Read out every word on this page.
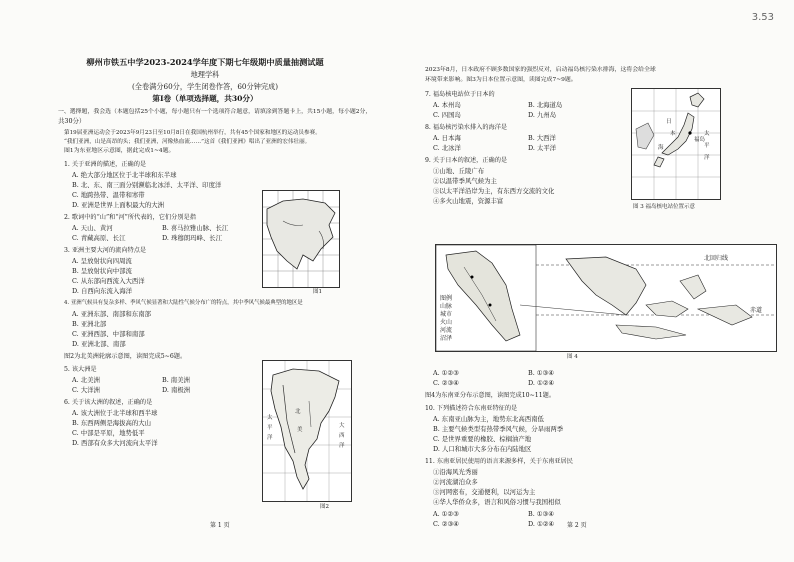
柳州市铁五中学2023-2024学年度下期七年级期中质量抽测试题
地理学科
(全卷满分60分，学生闭卷作答，60分钟完成)
第Ⅰ卷（单项选择题，共30分）
一、選擇題，我会选（本题包括25个小题，每小题只有一个选项符合题意，请填涂到答题卡上，共15小题，每小题2分，
共30分）
第19届亚洲运动会于2023年9月23日至10月8日在我国杭州举行，共有45个国家和地区的运动员参赛。
“我们亚洲，山是高昂的头；我们亚洲，河像热血流……”这首《我们亚洲》唱出了亚洲的宏伟壮丽。
图1为东亚地区示意图，据此完成1~4题。
1. 关于亚洲的描述，正确的是
A. 绝大部分地区位于北半球和东半球
B. 北、东、南三面分别濒临北冰洋、太平洋、印度洋
C. 地跨热带、温带和寒带
D. 亚洲是世界上面积最大的大洲
2. 歌词中的“山”和“河”所代表的，它们分别是指
A. 天山、黄河	B. 喜马拉雅山脉、长江
C. 青藏高原、长江	D. 珠穆朗玛峰、长江
3. 亚洲主要大河的流向特点是
A. 呈放射状向四周流
B. 呈放射状向中部流
C. 从东部向西流入大西洋
D. 自西向东流入海洋
4. 亚洲气候具有复杂多样、季风气候显著和大陆性气候分布广的特点，其中季风气候最典型的地区是
A. 亚洲东部、南部和东南部
B. 亚洲北部
C. 亚洲西部、中部和南部
D. 亚洲北部、南部
图2为北美洲轮廓示意图，读图完成5~6题。
5. 该大洲是
A. 北美洲	B. 南美洲
C. 大洋洲	D. 南极洲
6. 关于该大洲的叙述，正确的是
A. 该大洲位于北半球和西半球
B. 东西两侧是海拔高的大山
C. 中部是平原，地势低平
D. 西部有众多大河流向太平洋
图1
太
平
洋
大
西
洋
北
美
图2
第 1 页
3.53
2023年8月，日本政府不顾多数国家的强烈反对，启动福岛核污染水排海，这将会给全球
环境带来影响。图3为日本位置示意图，读图完成7~9题。
7. 福岛核电站位于日本的
A. 本州岛	B. 北海道岛
C. 四国岛	D. 九州岛
8. 福岛核污染水排入的海洋是
A. 日本海	B. 大西洋
C. 北冰洋	D. 太平洋
9. 关于日本的叙述，正确的是
①山地、丘陵广布
②以温带季风气候为主
③以太平洋沿岸为主，有东西方交流的文化
④多火山地震，资源丰富
A. ①②③	B. ①③④
C. ②③④	D. ①②④
图4为东南亚分布示意图，读图完成10~11题。
10. 下列描述符合东南亚特征的是
A. 东南亚山脉为主，地势东北高西南低
B. 主要气候类型有热带季风气候，分旱雨两季
C. 是世界重要的橡胶、棕榈油产地
D. 人口和城市大多分布在内陆地区
11. 东南亚居民使用的语言来源多样，关于东南亚居民
①沿海风光秀丽
②河流湖泊众多
③河网密布，交通便利，以河运为主
④华人华侨众多，语言和风俗习惯与我国相似
A. ①②③	B. ①③④
C. ②③④	D. ①②④
日
本
海
太
平
洋
福岛
图 3 福岛核电站位置示意
北回归线
赤道
图例
山脉
城市
火山
河流
沼泽
图 4
第 2 页
